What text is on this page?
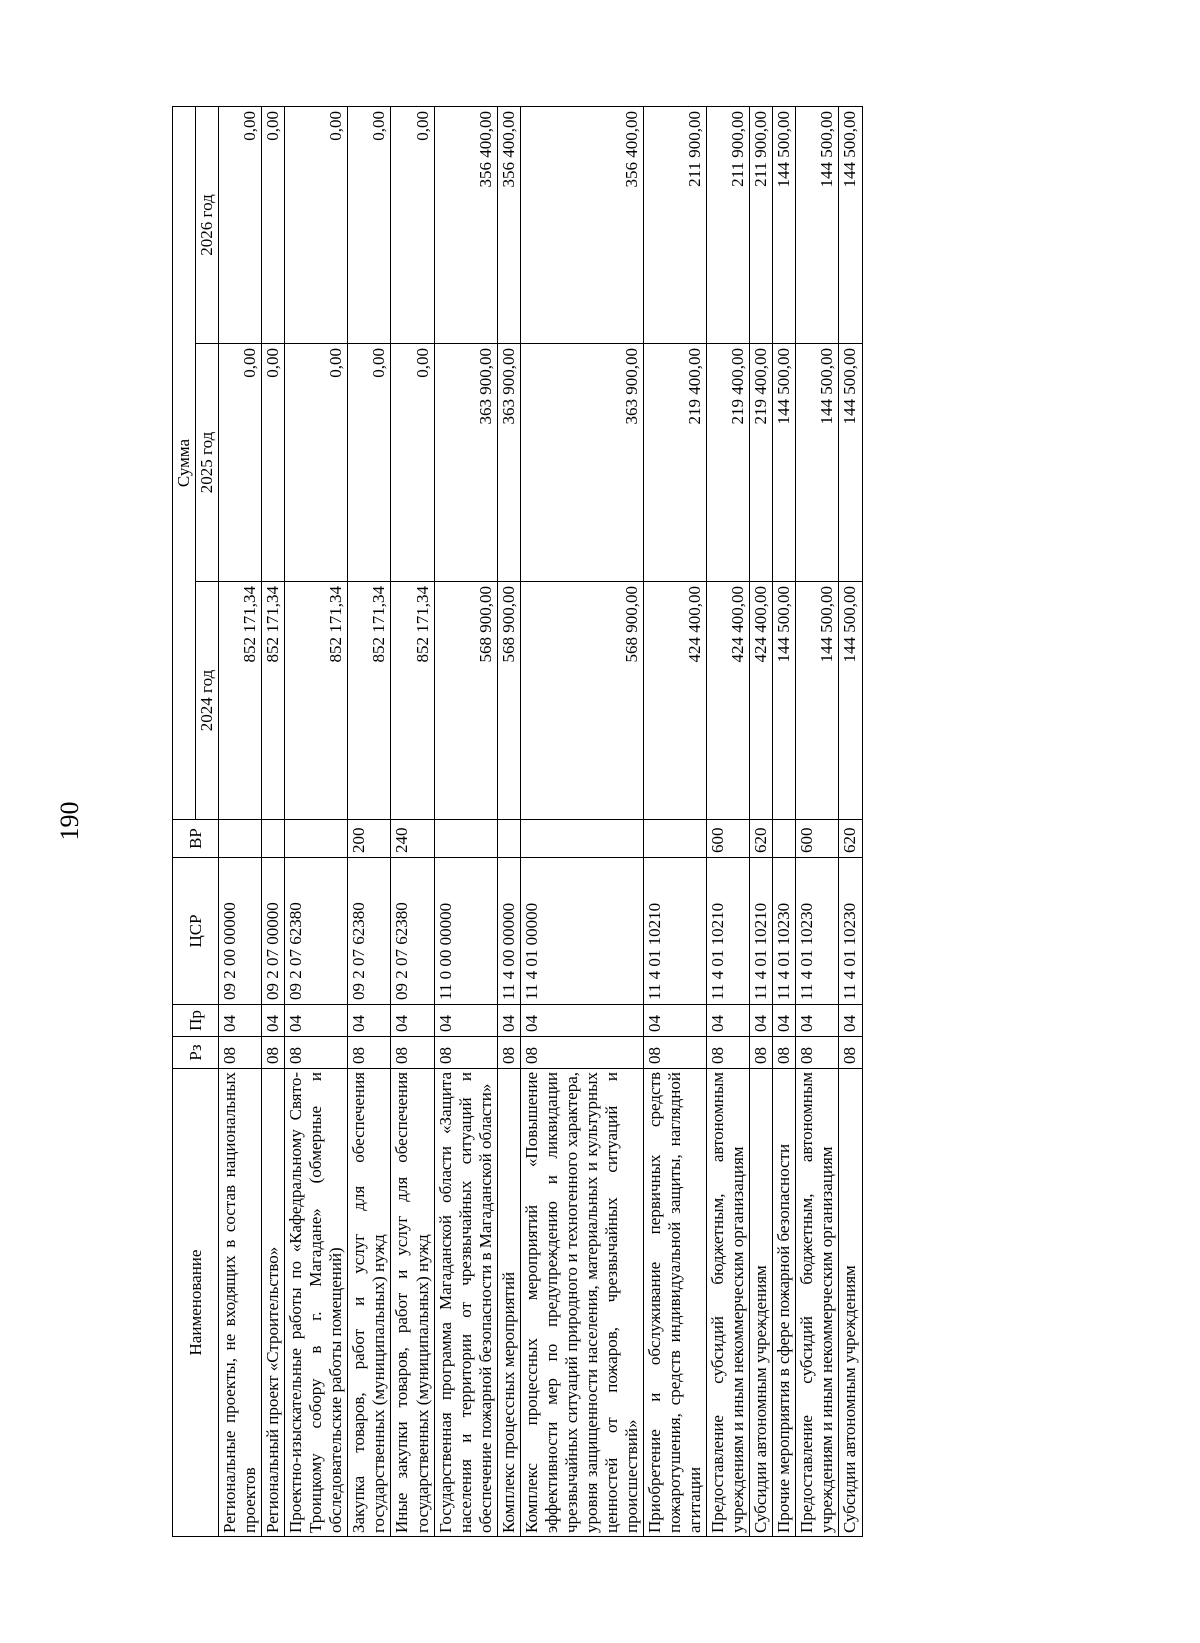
190
Наименование	Рз	Пр	ЦСР	ВР	Сумма		
					2024 год	2025 год	2026 год
Региональные проекты, не входящих в состав национальных проектов	08	04	09 2 00 00000		852 171,34	0,00	0,00
Региональный проект «Строительство»	08	04	09 2 07 00000		852 171,34	0,00	0,00
Проектно-изыскательные работы по «Кафедральному Свято-Троицкому собору в г. Магадане» (обмерные и обследовательские работы помещений)	08	04	09 2 07 62380		852 171,34	0,00	0,00
Закупка товаров, работ и услуг для обеспечения государственных (муниципальных) нужд	08	04	09 2 07 62380	200	852 171,34	0,00	0,00
Иные закупки товаров, работ и услуг для обеспечения государственных (муниципальных) нужд	08	04	09 2 07 62380	240	852 171,34	0,00	0,00
Государственная программа Магаданской области «Защита населения и территории от чрезвычайных ситуаций и обеспечение пожарной безопасности в Магаданской области»	08	04	11 0 00 00000		568 900,00	363 900,00	356 400,00
Комплекс процессных мероприятий	08	04	11 4 00 00000		568 900,00	363 900,00	356 400,00
Комплекс процессных мероприятий «Повышение эффективности мер по предупреждению и ликвидации чрезвычайных ситуаций природного и техногенного характера, уровня защищенности населения, материальных и культурных ценностей от пожаров, чрезвычайных ситуаций и происшествий»	08	04	11 4 01 00000		568 900,00	363 900,00	356 400,00
Приобретение и обслуживание первичных средств пожаротушения, средств индивидуальной защиты, наглядной агитации	08	04	11 4 01 10210		424 400,00	219 400,00	211 900,00
Предоставление субсидий бюджетным, автономным учреждениям и иным некоммерческим организациям	08	04	11 4 01 10210	600	424 400,00	219 400,00	211 900,00
Субсидии автономным учреждениям	08	04	11 4 01 10210	620	424 400,00	219 400,00	211 900,00
Прочие мероприятия в сфере пожарной безопасности	08	04	11 4 01 10230		144 500,00	144 500,00	144 500,00
Предоставление субсидий бюджетным, автономным учреждениям и иным некоммерческим организациям	08	04	11 4 01 10230	600	144 500,00	144 500,00	144 500,00
Субсидии автономным учреждениям	08	04	11 4 01 10230	620	144 500,00	144 500,00	144 500,00
